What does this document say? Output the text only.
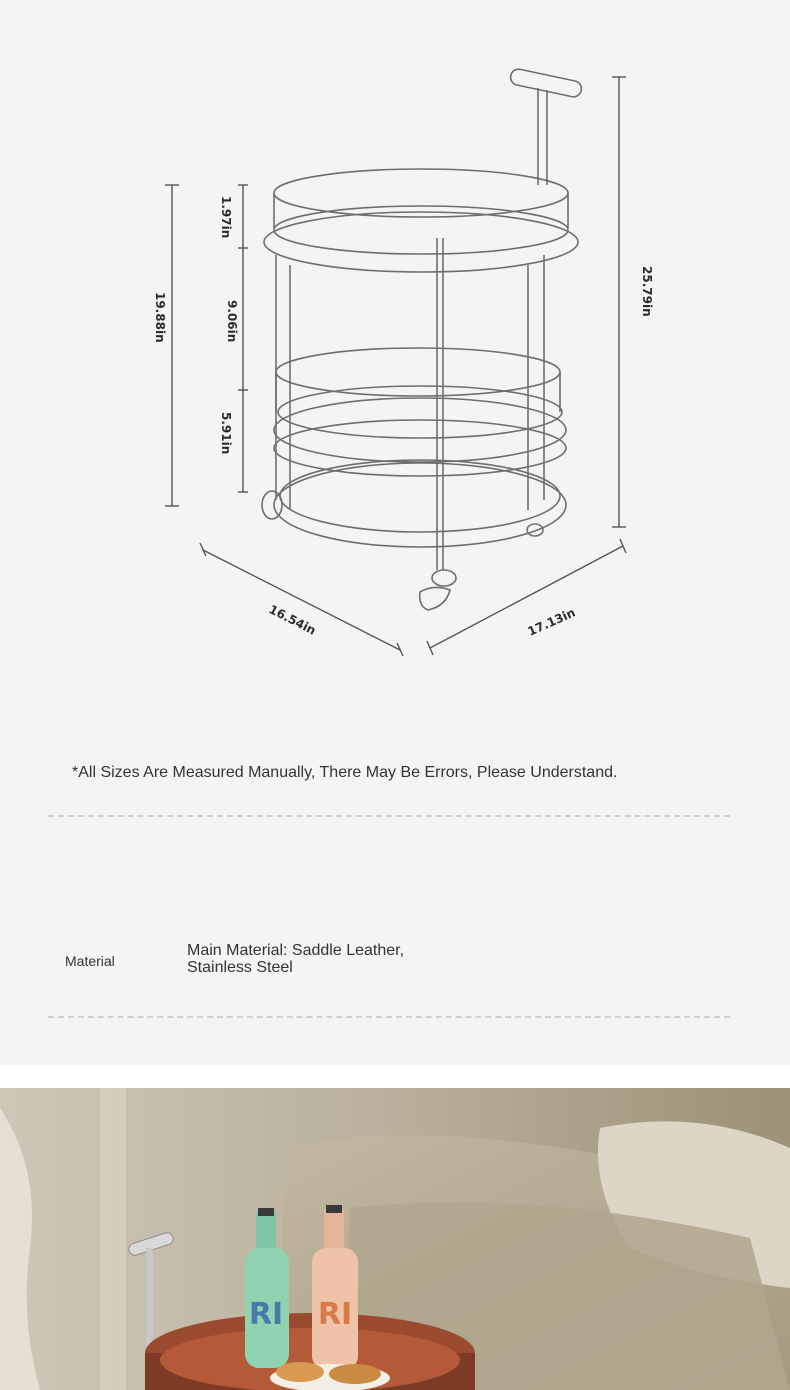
1.97in
9.06in
5.91in
19.88in
25.79in
16.54in	17.13in
*All Sizes Are Measured Manually, There May Be Errors, Please Understand.
Material
Main Material: Saddle Leather,
Stainless Steel
RI RI
